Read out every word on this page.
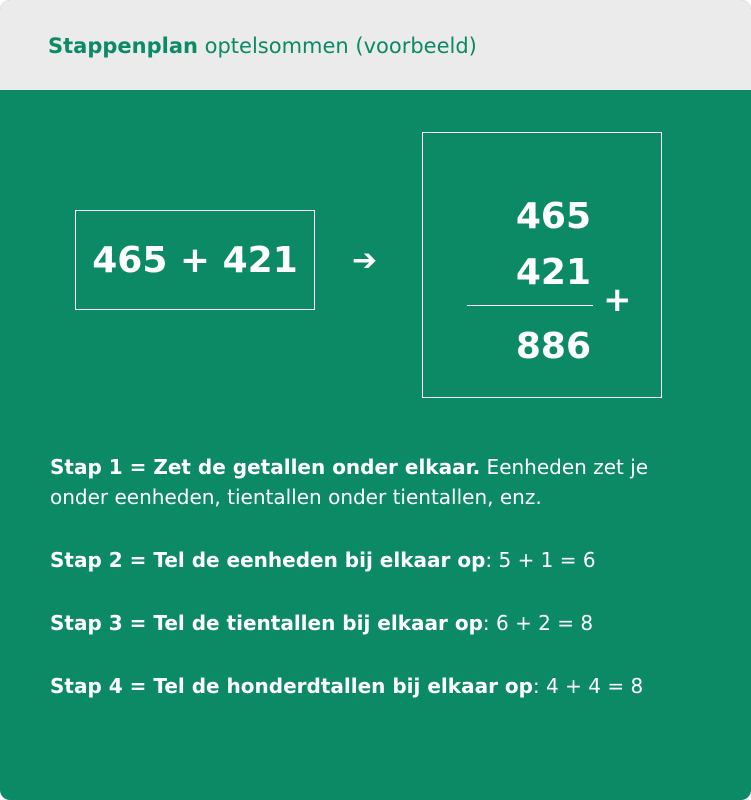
Stappenplan optelsommen (voorbeeld)
465 + 421	➔
465
421
+
886

Stap 1 = Zet de getallen onder elkaar. Eenheden zet je onder eenheden, tientallen onder tientallen, enz.

Stap 2 = Tel de eenheden bij elkaar op: 5 + 1 = 6

Stap 3 = Tel de tientallen bij elkaar op: 6 + 2 = 8

Stap 4 = Tel de honderdtallen bij elkaar op: 4 + 4 = 8
